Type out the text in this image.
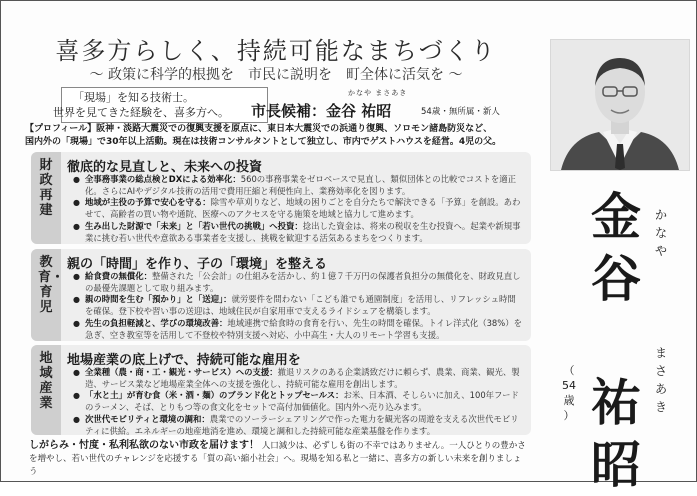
喜多方らしく、持続可能なまちづくり
～ 政策に科学的根拠を　市民に説明を　町全体に活気を ～
「現場」を知る技術士。
世界を見てきた経験を、喜多方へ。
かなや まさあき
市長候補：金谷 祐昭	54歳・無所属・新人
【プロフィール】阪神・淡路大震災での復興支援を原点に、東日本大震災での浜通り復興、ソロモン諸島防災など、
国内外の「現場」で30年以上活動。現在は技術コンサルタントとして独立し、市内でゲストハウスを経営。4児の父。
金
谷
祐
昭
か
な
や
ま
さ
あ
き
（
54
歳
）
財政再建
徹底的な見直しと、未来への投資
● 全事務事業の総点検とDXによる効率化：560の事務事業をゼロベースで見直し、類似団体との比較でコストを適正化。さらにAIやデジタル技術の活用で費用圧縮と利便性向上、業務効率化を図ります。
● 地域が主役の予算で安心を守る：除雪や草刈りなど、地域の困りごとを自分たちで解決できる「予算」を創設。あわせて、高齢者の買い物や通院、医療へのアクセスを守る施策を地域と協力して進めます。
● 生み出した財源で「未来」と「若い世代の挑戦」へ投資：捻出した資金は、将来の税収を生む投資へ。起業や新規事業に挑む若い世代や意欲ある事業者を支援し、挑戦を歓迎する活気あるまちをつくります。
教育・育児
親の「時間」を作り、子の「環境」を整える
● 給食費の無償化：整備された「公会計」の仕組みを活かし、約１億７千万円の保護者負担分の無償化を、財政見直しの最優先課題として取り組みます。
● 親の時間を生む「預かり」と「送迎」：就労要件を問わない「こども誰でも通園制度」を活用し、リフレッシュ時間を確保。登下校や習い事の送迎は、地域住民が自家用車で支えるライドシェアを構築します。
● 先生の負担軽減と、学びの環境改善：地域連携で給食時の食育を行い、先生の時間を確保。トイレ洋式化（38%）を急ぎ、空き教室等を活用して不登校や特別支援へ対応、小中高生・大人のリモート学習も支援。
地域産業
地場産業の底上げで、持続可能な雇用を
● 全業種（農・商・工・観光・サービス）への支援：撤退リスクのある企業誘致だけに頼らず、農業、商業、観光、製造、サービス業など地場産業全体への支援を強化し、持続可能な雇用を創出します。
● 「水と土」が育む食（米・酒・麺）のブランド化とトップセールス：お米、日本酒、そしらいに加え、100年フードのラーメン、そば、とりもつ等の食文化をセットで高付加価値化。国内外へ売り込みます。
● 次世代モビリティと環境の調和：農業でのソーラーシェアリングで作った電力を観光客の周遊を支える次世代モビリティに供給。エネルギーの地産地消を進め、環境と調和した持続可能な産業基盤を作ります。
しがらみ・忖度・私利私欲のない市政を届けます！ 人口減少は、必ずしも街の不幸ではありません。一人ひとりの豊かさを増やし、若い世代のチャレンジを応援する「質の高い縮小社会」へ。現場を知る私と一緒に、喜多方の新しい未来を創りましょう
